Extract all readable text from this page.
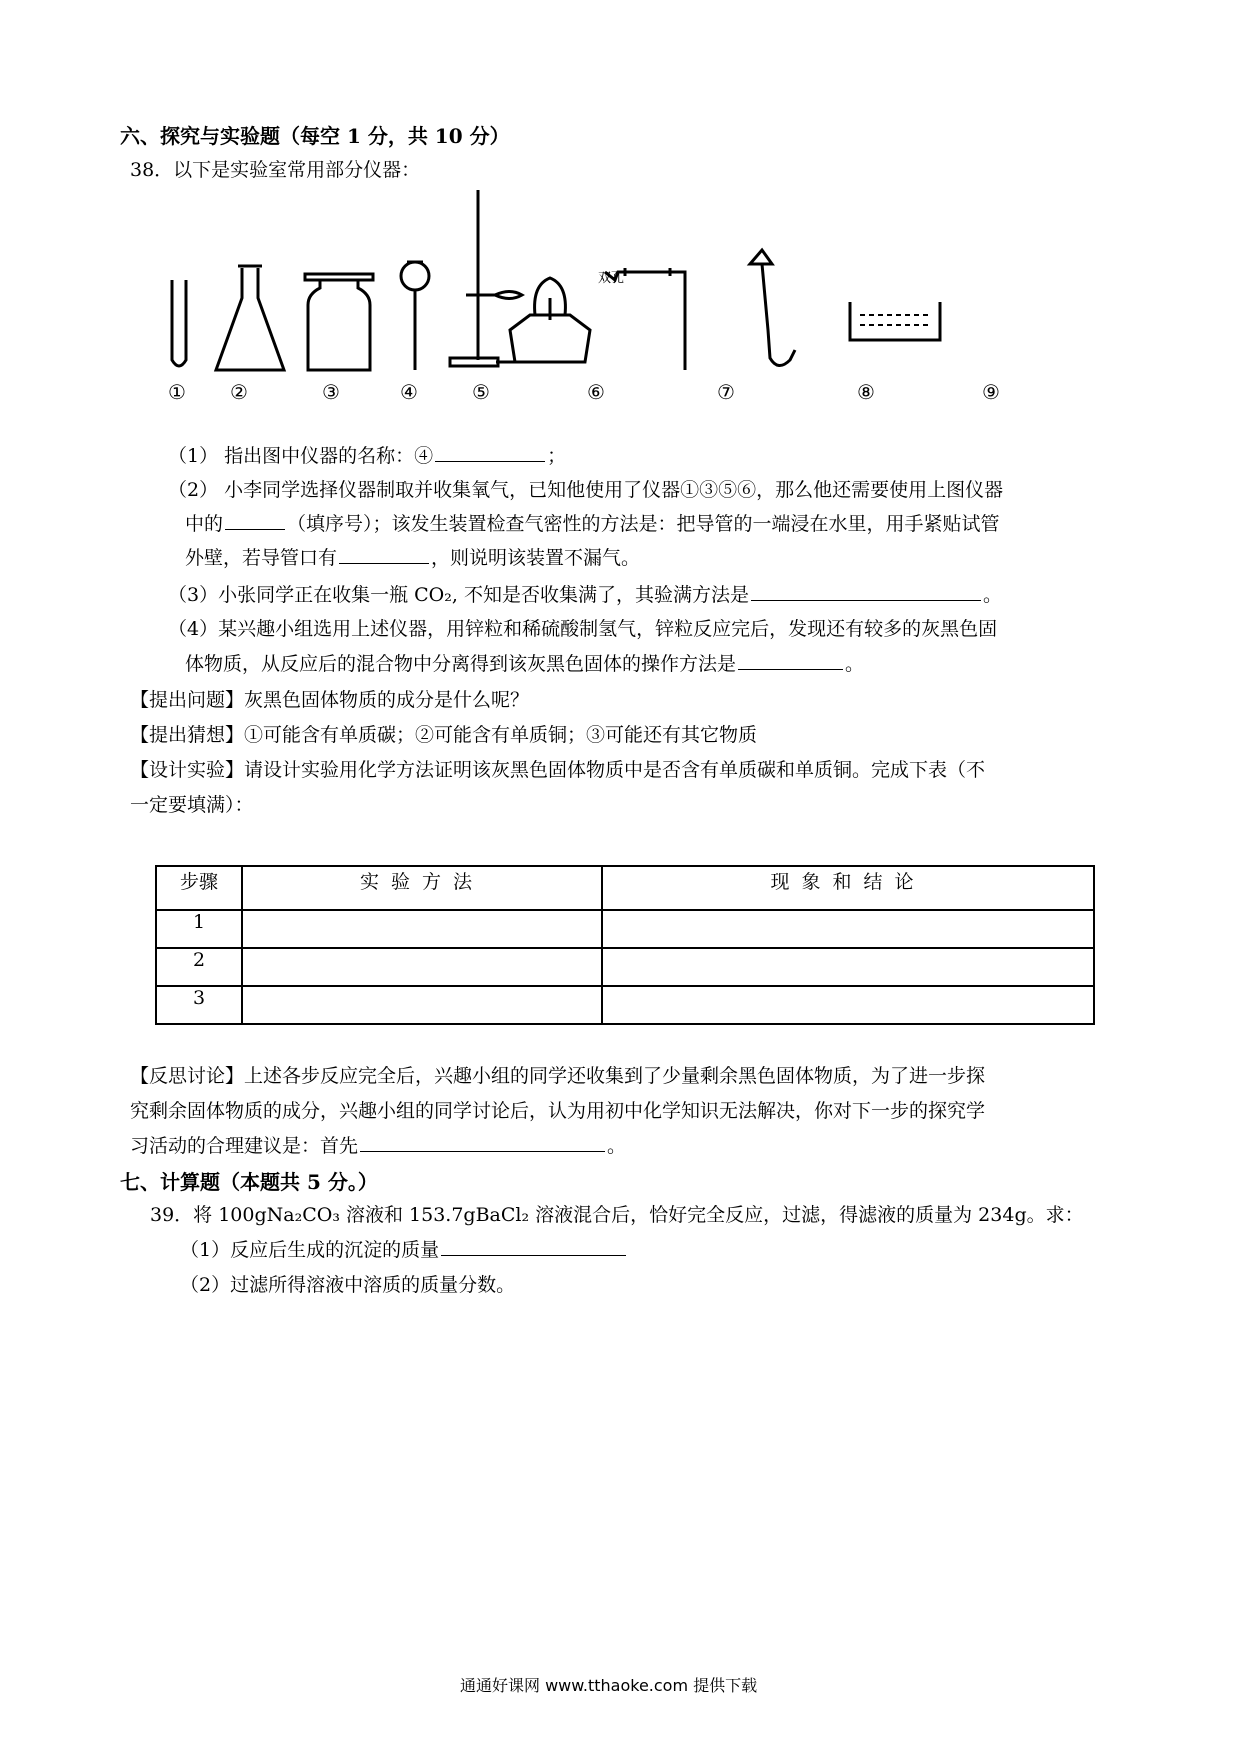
六、探究与实验题（每空 1 分，共 10 分）
38．以下是实验室常用部分仪器：
双孔
① ②	③	④	⑤	⑥	⑦	⑧	⑨
（1） 指出图中仪器的名称：④	；
（2） 小李同学选择仪器制取并收集氧气，已知他使用了仪器①③⑤⑥，那么他还需要使用上图仪器
中的	（填序号）；该发生装置检查气密性的方法是：把导管的一端浸在水里，用手紧贴试管
外壁，若导管口有	，则说明该装置不漏气。
（3）小张同学正在收集一瓶 CO₂, 不知是否收集满了，其验满方法是	。
（4）某兴趣小组选用上述仪器，用锌粒和稀硫酸制氢气，锌粒反应完后，发现还有较多的灰黑色固
体物质，从反应后的混合物中分离得到该灰黑色固体的操作方法是	。
【提出问题】灰黑色固体物质的成分是什么呢？
【提出猜想】①可能含有单质碳；②可能含有单质铜；③可能还有其它物质
【设计实验】请设计实验用化学方法证明该灰黑色固体物质中是否含有单质碳和单质铜。完成下表（不
一定要填满）：
步骤	实验方法	现象和结论
1		
2		
3		
【反思讨论】上述各步反应完全后，兴趣小组的同学还收集到了少量剩余黑色固体物质，为了进一步探
究剩余固体物质的成分，兴趣小组的同学讨论后，认为用初中化学知识无法解决，你对下一步的探究学
习活动的合理建议是：首先	。
七、计算题（本题共 5 分。）
39．将 100gNa₂CO₃ 溶液和 153.7gBaCl₂ 溶液混合后，恰好完全反应，过滤，得滤液的质量为 234g。求：
（1）反应后生成的沉淀的质量
（2）过滤所得溶液中溶质的质量分数。
通通好课网 www.tthaoke.com 提供下载
